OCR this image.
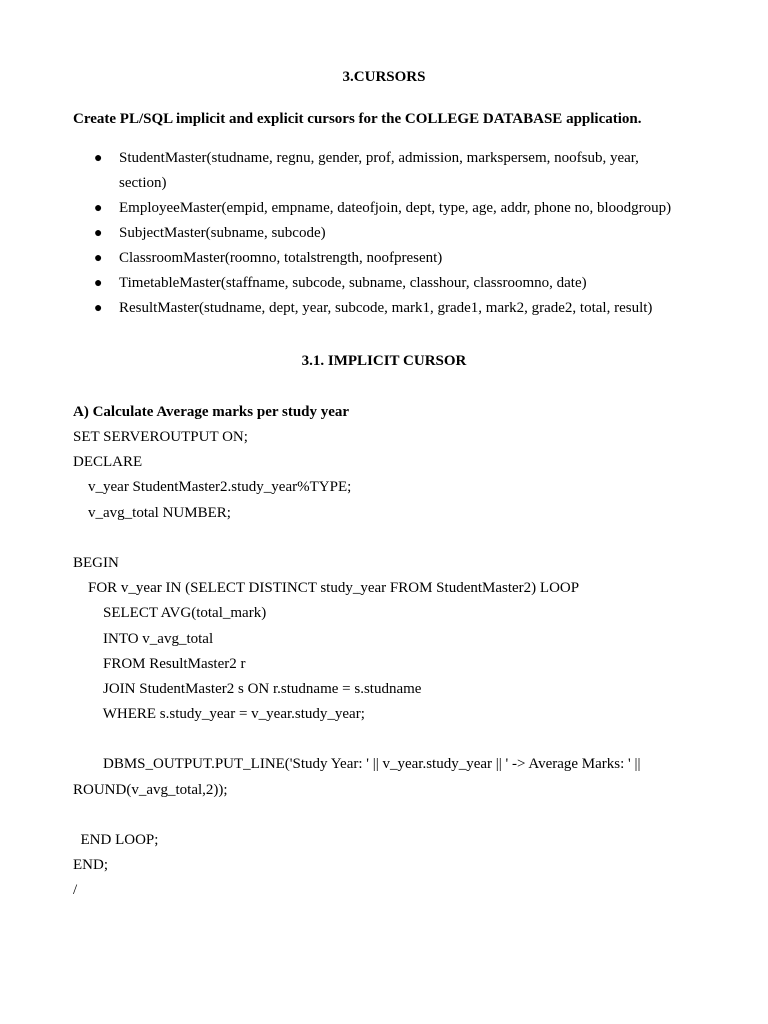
3.CURSORS
Create PL/SQL implicit and explicit cursors for the COLLEGE DATABASE application.
● StudentMaster(studname, regnu, gender, prof, admission, markspersem, noofsub, year, section)
● EmployeeMaster(empid, empname, dateofjoin, dept, type, age, addr, phone no, bloodgroup)
● SubjectMaster(subname, subcode)
● ClassroomMaster(roomno, totalstrength, noofpresent)
● TimetableMaster(staffname, subcode, subname, classhour, classroomno, date)
● ResultMaster(studname, dept, year, subcode, mark1, grade1, mark2, grade2, total, result)
3.1. IMPLICIT CURSOR
A) Calculate Average marks per study year
SET SERVEROUTPUT ON;
DECLARE
v_year StudentMaster2.study_year%TYPE;
v_avg_total NUMBER;
BEGIN
FOR v_year IN (SELECT DISTINCT study_year FROM StudentMaster2) LOOP
SELECT AVG(total_mark)
INTO v_avg_total
FROM ResultMaster2 r
JOIN StudentMaster2 s ON r.studname = s.studname
WHERE s.study_year = v_year.study_year;
DBMS_OUTPUT.PUT_LINE('Study Year: ' || v_year.study_year || ' -> Average Marks: ' ||
ROUND(v_avg_total,2));
END LOOP;
END;
/
